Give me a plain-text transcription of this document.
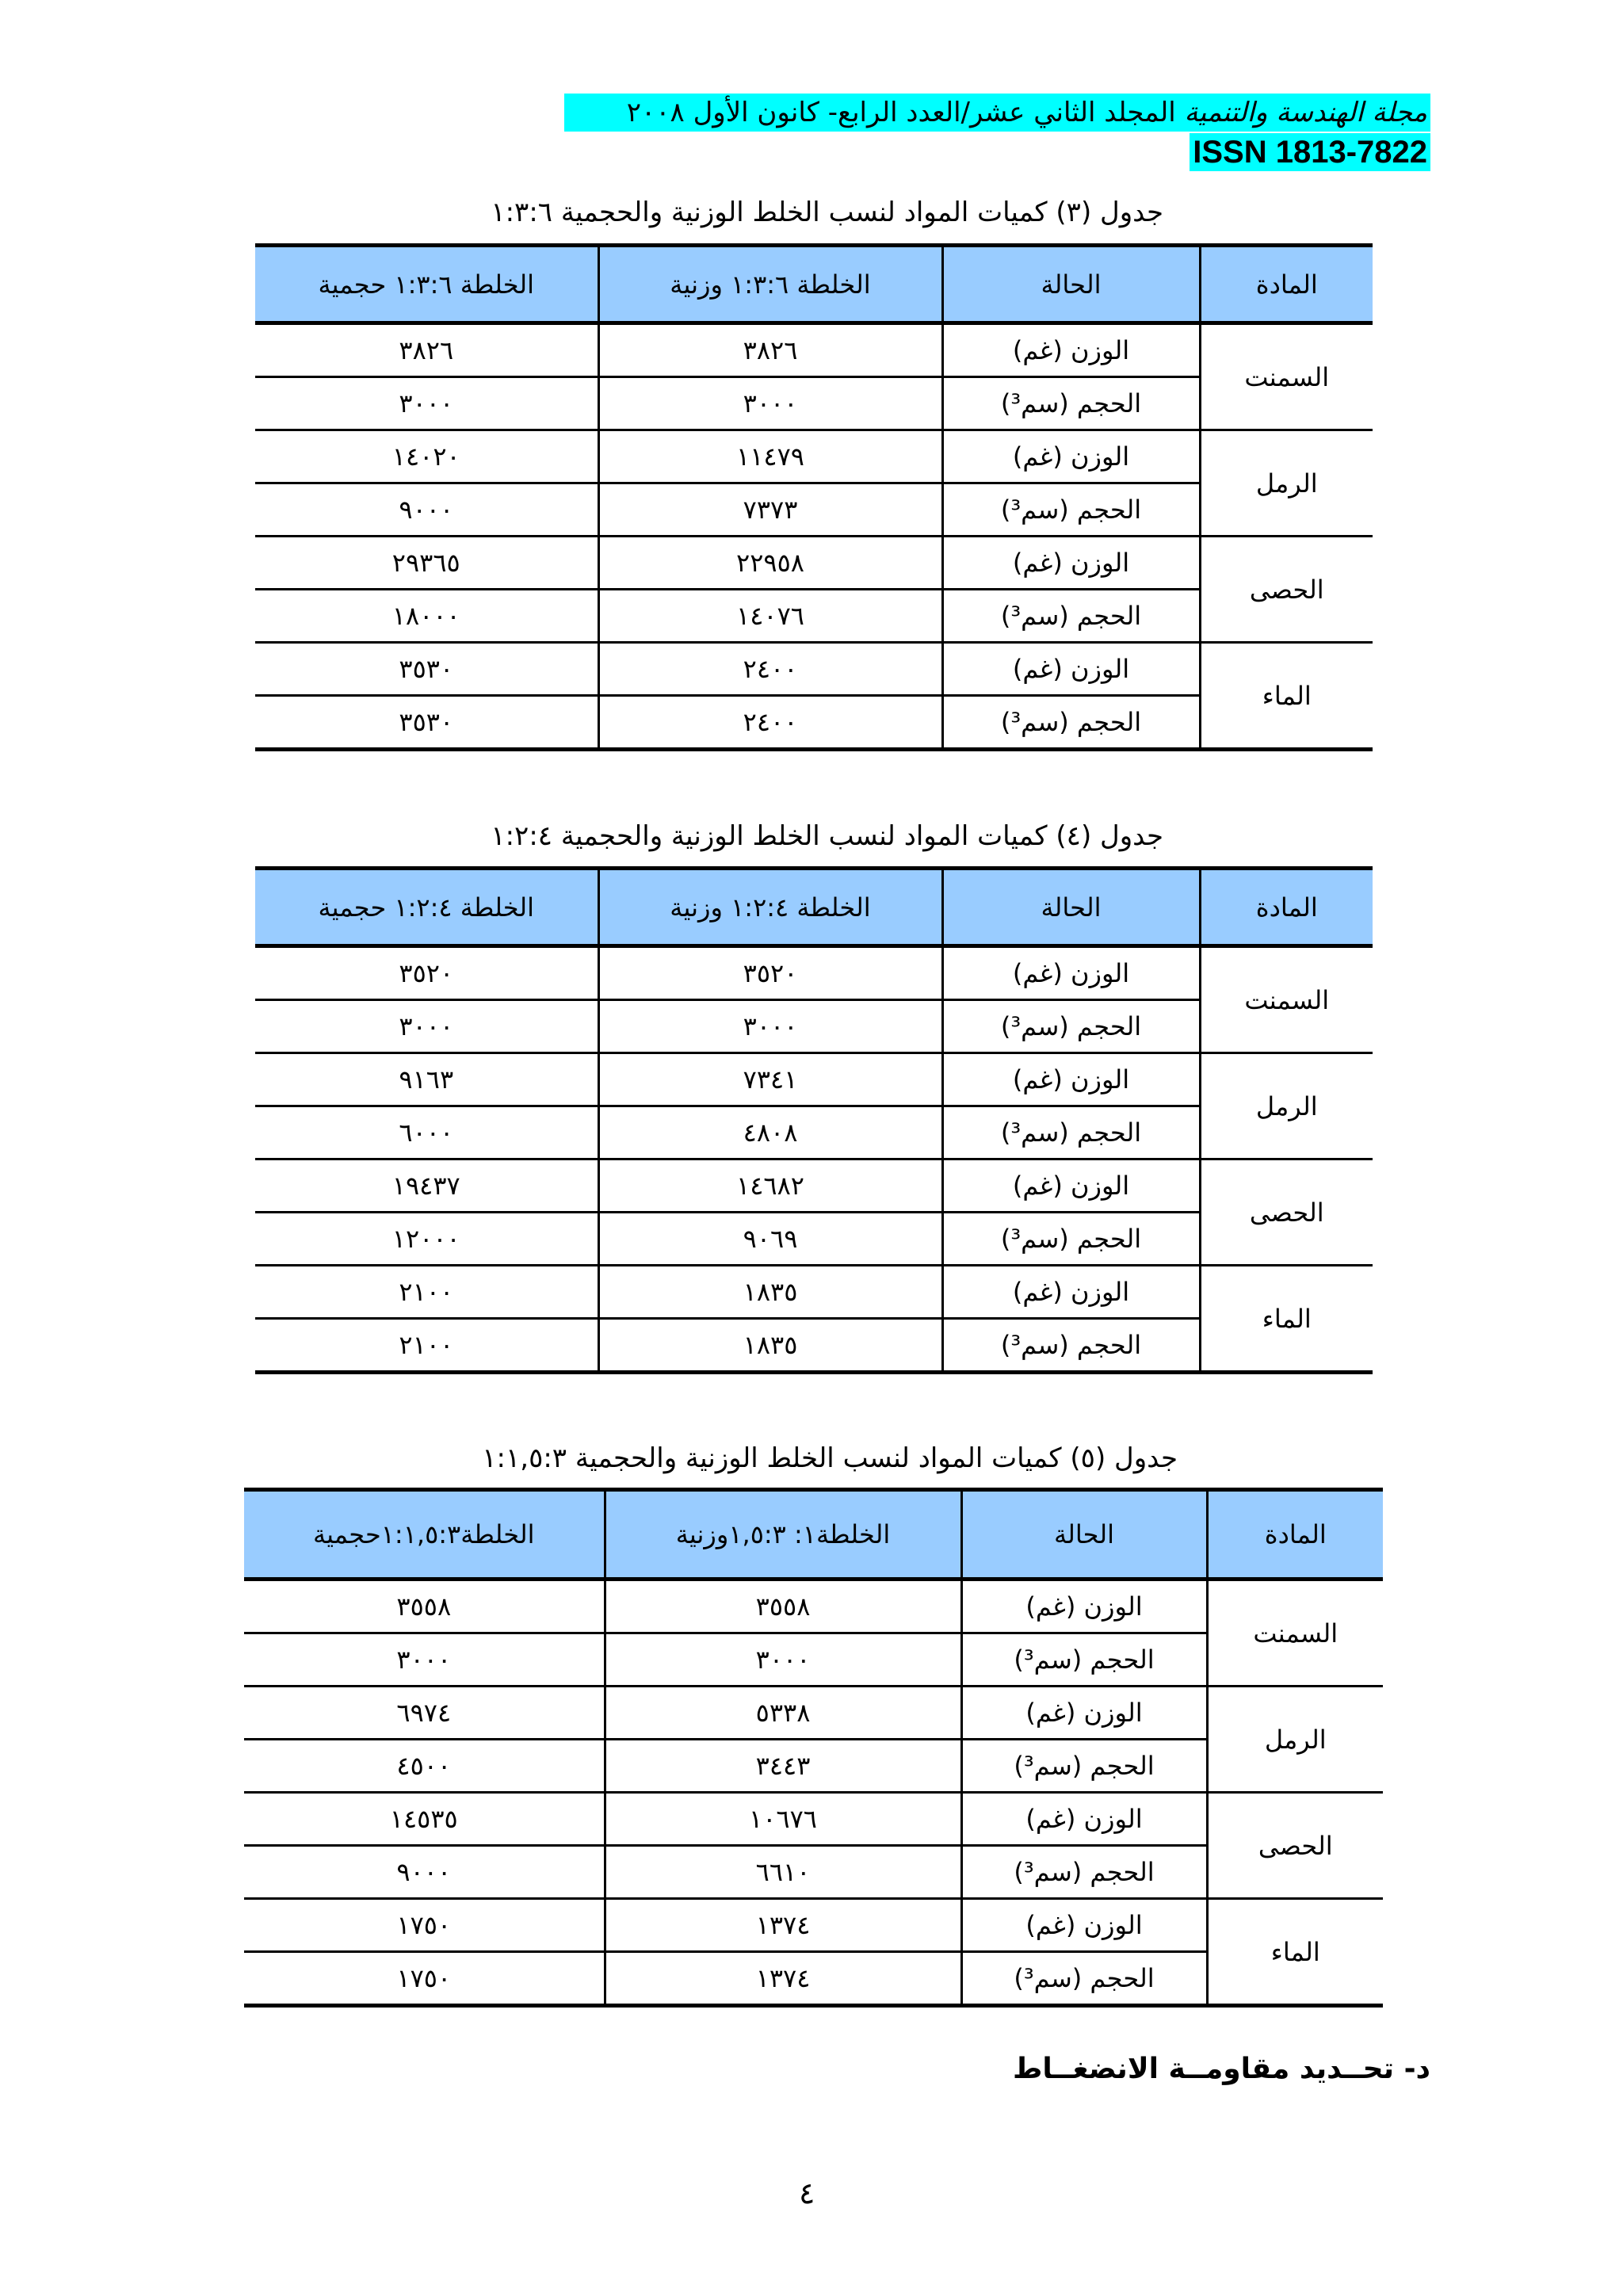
مجلة الهندسة والتنمية المجلد الثاني عشر/العدد الرابع- كانون الأول ٢٠٠٨
ISSN 1813-7822
جدول (٣) كميات المواد لنسب الخلط الوزنية والحجمية ١:٣:٦
المادة	الحالة	الخلطة ١:٣:٦ وزنية	الخلطة ١:٣:٦ حجمية
السمنت	الوزن (غم)	٣٨٢٦	٣٨٢٦
	الحجم (سم³)	٣٠٠٠	٣٠٠٠
الرمل	الوزن (غم)	١١٤٧٩	١٤٠٢٠
	الحجم (سم³)	٧٣٧٣	٩٠٠٠
الحصى	الوزن (غم)	٢٢٩٥٨	٢٩٣٦٥
	الحجم (سم³)	١٤٠٧٦	١٨٠٠٠
الماء	الوزن (غم)	٢٤٠٠	٣٥٣٠
	الحجم (سم³)	٢٤٠٠	٣٥٣٠
جدول (٤) كميات المواد لنسب الخلط الوزنية والحجمية ١:٢:٤
المادة	الحالة	الخلطة ١:٢:٤ وزنية	الخلطة ١:٢:٤ حجمية
السمنت	الوزن (غم)	٣٥٢٠	٣٥٢٠
	الحجم (سم³)	٣٠٠٠	٣٠٠٠
الرمل	الوزن (غم)	٧٣٤١	٩١٦٣
	الحجم (سم³)	٤٨٠٨	٦٠٠٠
الحصى	الوزن (غم)	١٤٦٨٢	١٩٤٣٧
	الحجم (سم³)	٩٠٦٩	١٢٠٠٠
الماء	الوزن (غم)	١٨٣٥	٢١٠٠
	الحجم (سم³)	١٨٣٥	٢١٠٠
جدول (٥) كميات المواد لنسب الخلط الوزنية والحجمية ١:١,٥:٣
المادة	الحالة	الخلطة١: ١,٥:٣وزنية	الخلطة١:١,٥:٣حجمية
السمنت	الوزن (غم)	٣٥٥٨	٣٥٥٨
	الحجم (سم³)	٣٠٠٠	٣٠٠٠
الرمل	الوزن (غم)	٥٣٣٨	٦٩٧٤
	الحجم (سم³)	٣٤٤٣	٤٥٠٠
الحصى	الوزن (غم)	١٠٦٧٦	١٤٥٣٥
	الحجم (سم³)	٦٦١٠	٩٠٠٠
الماء	الوزن (غم)	١٣٧٤	١٧٥٠
	الحجم (سم³)	١٣٧٤	١٧٥٠
د- تحــديد مقاومــة الانضغــاط
٤
